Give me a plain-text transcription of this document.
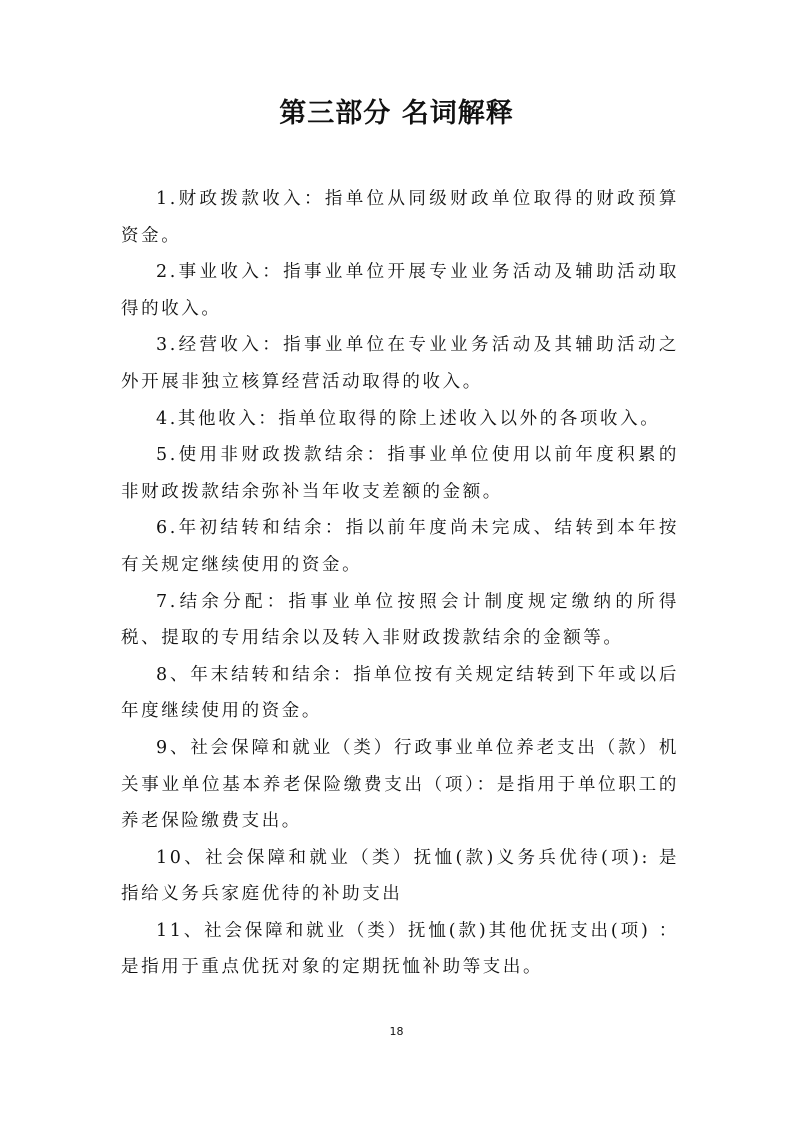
第三部分 名词解释

1.财政拨款收入：指单位从同级财政单位取得的财政预算资金。

2.事业收入：指事业单位开展专业业务活动及辅助活动取得的收入。

3.经营收入：指事业单位在专业业务活动及其辅助活动之外开展非独立核算经营活动取得的收入。

4.其他收入：指单位取得的除上述收入以外的各项收入。

5.使用非财政拨款结余：指事业单位使用以前年度积累的非财政拨款结余弥补当年收支差额的金额。

6.年初结转和结余：指以前年度尚未完成、结转到本年按有关规定继续使用的资金。

7.结余分配：指事业单位按照会计制度规定缴纳的所得税、提取的专用结余以及转入非财政拨款结余的金额等。

8、年末结转和结余：指单位按有关规定结转到下年或以后年度继续使用的资金。

9、社会保障和就业（类）行政事业单位养老支出（款）机关事业单位基本养老保险缴费支出（项）：是指用于单位职工的养老保险缴费支出。

10、社会保障和就业（类）抚恤(款)义务兵优待(项): 是指给义务兵家庭优待的补助支出

11、社会保障和就业（类）抚恤(款)其他优抚支出(项) ：是指用于重点优抚对象的定期抚恤补助等支出。

18
